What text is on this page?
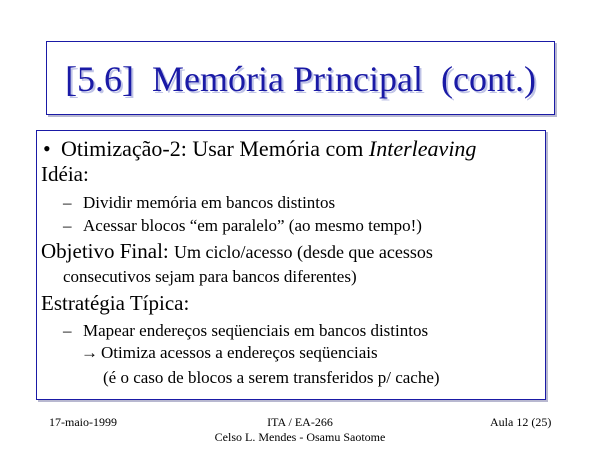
[5.6]  Memória Principal  (cont.)
• Otimização-2: Usar Memória com Interleaving
Idéia:
– Dividir memória em bancos distintos
– Acessar blocos “em paralelo” (ao mesmo tempo!)
Objetivo Final: Um ciclo/acesso (desde que acessos
consecutivos sejam para bancos diferentes)
Estratégia Típica:
– Mapear endereços seqüenciais em bancos distintos
→ Otimiza acessos a endereços seqüenciais
(é o caso de blocos a serem transferidos p/ cache)
17-maio-1999	ITA / EA-266
Celso L. Mendes - Osamu Saotome
Aula 12 (25)
